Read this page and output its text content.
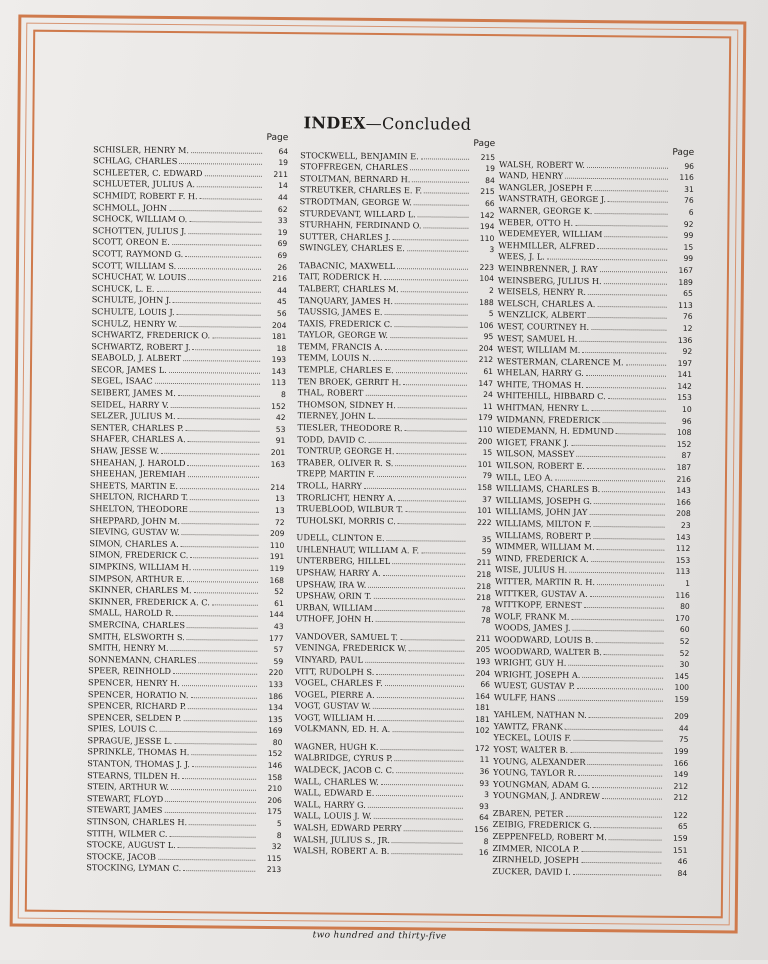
INDEX—Concluded
Page
SCHISLER, HENRY M.	64
SCHLAG, CHARLES	19
SCHLEETER, C. EDWARD	211
SCHLUETER, JULIUS A.	14
SCHMIDT, ROBERT F. H.	44
SCHMOLL, JOHN	62
SCHOCK, WILLIAM O.	33
SCHOTTEN, JULIUS J.	19
SCOTT, OREON E.	69
SCOTT, RAYMOND G.	69
SCOTT, WILLIAM S.	26
SCHUCHAT, W. LOUIS	216
SCHUCK, L. E.	44
SCHULTE, JOHN J.	45
SCHULTE, LOUIS J.	56
SCHULZ, HENRY W.	204
SCHWARTZ, FREDERICK O.	181
SCHWARTZ, ROBERT J.	18
SEABOLD, J. ALBERT	193
SECOR, JAMES L.	143
SEGEL, ISAAC	113
SEIBERT, JAMES M.	8
SEIDEL, HARRY V.	152
SELZER, JULIUS M.	42
SENTER, CHARLES P.	53
SHAFER, CHARLES A.	91
SHAW, JESSE W.	201
SHEAHAN, J. HAROLD	163
SHEEHAN, JEREMIAH
SHEETS, MARTIN E.	214
SHELTON, RICHARD T.	13
SHELTON, THEODORE	13
SHEPPARD, JOHN M.	72
SIEVING, GUSTAV W.	209
SIMON, CHARLES A.	110
SIMON, FREDERICK C.	191
SIMPKINS, WILLIAM H.	119
SIMPSON, ARTHUR E.	168
SKINNER, CHARLES M.	52
SKINNER, FREDERICK A. C.	61
SMALL, HAROLD R.	144
SMERCINA, CHARLES	43
SMITH, ELSWORTH S.	177
SMITH, HENRY M.	57
SONNEMANN, CHARLES	59
SPEER, REINHOLD	220
SPENCER, HENRY H.	133
SPENCER, HORATIO N.	186
SPENCER, RICHARD P.	134
SPENCER, SELDEN P.	135
SPIES, LOUIS C.	169
SPRAGUE, JESSE L.	80
SPRINKLE, THOMAS H.	152
STANTON, THOMAS J. J.	146
STEARNS, TILDEN H.	158
STEIN, ARTHUR W.	210
STEWART, FLOYD	206
STEWART, JAMES	175
STINSON, CHARLES H.	5
STITH, WILMER C.	8
STOCKE, AUGUST L.	32
STOCKE, JACOB	115
STOCKING, LYMAN C.	213
Page
STOCKWELL, BENJAMIN E.	215
STOFFREGEN, CHARLES	19
STOLTMAN, BERNARD H.	84
STREUTKER, CHARLES E. F.	215
STRODTMAN, GEORGE W.	66
STURDEVANT, WILLARD L.	142
STURHAHN, FERDINAND O.	194
SUTTER, CHARLES J.	110
SWINGLEY, CHARLES E.	3
TABACNIC, MAXWELL	223
TAIT, RODERICK H.	104
TALBERT, CHARLES M.	2
TANQUARY, JAMES H.	188
TAUSSIG, JAMES E.	5
TAXIS, FREDERICK C.	106
TAYLOR, GEORGE W.	95
TEMM, FRANCIS A.	204
TEMM, LOUIS N.	212
TEMPLE, CHARLES E.	61
TEN BROEK, GERRIT H.	147
THAL, ROBERT	24
THOMSON, SIDNEY H.	11
TIERNEY, JOHN L.	179
TIESLER, THEODORE R.	110
TODD, DAVID C.	200
TONTRUP, GEORGE H.	15
TRABER, OLIVER R. S.	101
TREPP, MARTIN F.	79
TROLL, HARRY	158
TRORLICHT, HENRY A.	37
TRUEBLOOD, WILBUR T.	101
TUHOLSKI, MORRIS C.	222
UDELL, CLINTON E.	35
UHLENHAUT, WILLIAM A. F.	59
UNTERBERG, HILLEL	211
UPSHAW, HARRY A.	218
UPSHAW, IRA W.	218
UPSHAW, ORIN T.	218
URBAN, WILLIAM	78
UTHOFF, JOHN H.	78
VANDOVER, SAMUEL T.	211
VENINGA, FREDERICK W.	205
VINYARD, PAUL	193
VITT, RUDOLPH S.	204
VOGEL, CHARLES F.	66
VOGEL, PIERRE A.	164
VOGT, GUSTAV W.	181
VOGT, WILLIAM H.	181
VOLKMANN, ED. H. A.	102
WAGNER, HUGH K.	172
WALBRIDGE, CYRUS P.	11
WALDECK, JACOB C. C.	36
WALL, CHARLES W.	93
WALL, EDWARD E.	3
WALL, HARRY G.	93
WALL, LOUIS J. W.	64
WALSH, EDWARD PERRY	156
WALSH, JULIUS S., JR.	8
WALSH, ROBERT A. B.	16
Page
WALSH, ROBERT W.	96
WAND, HENRY	116
WANGLER, JOSEPH F.	31
WANSTRATH, GEORGE J.	76
WARNER, GEORGE K.	6
WEBER, OTTO H.	92
WEDEMEYER, WILLIAM	99
WEHMILLER, ALFRED	15
WEES, J. L.	99
WEINBRENNER, J. RAY	167
WEINSBERG, JULIUS H.	189
WEISELS, HENRY R.	65
WELSCH, CHARLES A.	113
WENZLICK, ALBERT	76
WEST, COURTNEY H.	12
WEST, SAMUEL H.	136
WEST, WILLIAM M.	92
WESTERMAN, CLARENCE M.	197
WHELAN, HARRY G.	141
WHITE, THOMAS H.	142
WHITEHILL, HIBBARD C.	153
WHITMAN, HENRY L.	10
WIDMANN, FREDERICK	96
WIEDEMANN, H. EDMUND	108
WIGET, FRANK J.	152
WILSON, MASSEY	87
WILSON, ROBERT E.	187
WILL, LEO A.	216
WILLIAMS, CHARLES B.	143
WILLIAMS, JOSEPH G.	166
WILLIAMS, JOHN JAY	208
WILLIAMS, MILTON F.	23
WILLIAMS, ROBERT P.	143
WIMMER, WILLIAM M.	112
WIND, FREDERICK A.	153
WISE, JULIUS H.	113
WITTER, MARTIN R. H.	1
WITTKER, GUSTAV A.	116
WITTKOPF, ERNEST	80
WOLF, FRANK M.	170
WOODS, JAMES J.	60
WOODWARD, LOUIS B.	52
WOODWARD, WALTER B.	52
WRIGHT, GUY H.	30
WRIGHT, JOSEPH A.	145
WUEST, GUSTAV P.	100
WULFF, HANS	159
YAHLEM, NATHAN N.	209
YAWITZ, FRANK	44
YECKEL, LOUIS F.	75
YOST, WALTER B.	199
YOUNG, ALEXANDER	166
YOUNG, TAYLOR R.	149
YOUNGMAN, ADAM G.	212
YOUNGMAN, J. ANDREW	212
ZBAREN, PETER	122
ZEIBIG, FREDERICK G.	65
ZEPPENFELD, ROBERT M.	159
ZIMMER, NICOLA P.	151
ZIRNHELD, JOSEPH	46
ZUCKER, DAVID I.	84
two hundred and thirty-five
